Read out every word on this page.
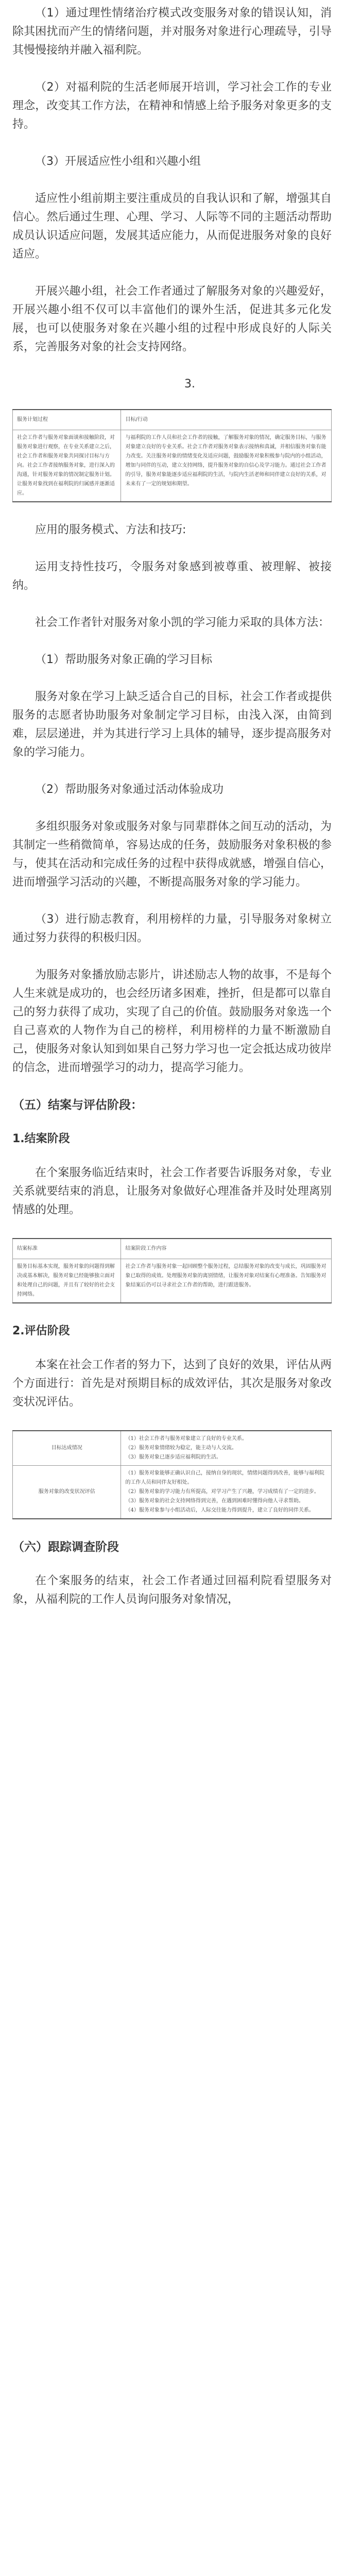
（1）通过理性情绪治疗模式改变服务对象的错误认知，消除其困扰而产生的情绪问题，并对服务对象进行心理疏导，引导其慢慢接纳并融入福利院。

（2）对福利院的生活老师展开培训，学习社会工作的专业理念，改变其工作方法，在精神和情感上给予服务对象更多的支持。

（3）开展适应性小组和兴趣小组

适应性小组前期主要注重成员的自我认识和了解，增强其自信心。然后通过生理、心理、学习、人际等不同的主题活动帮助成员认识适应问题，发展其适应能力，从而促进服务对象的良好适应。

开展兴趣小组，社会工作者通过了解服务对象的兴趣爱好，开展兴趣小组不仅可以丰富他们的课外生活，促进其多元化发展，也可以使服务对象在兴趣小组的过程中形成良好的人际关系，完善服务对象的社会支持网络。

3.

服务计划过程	目标/行动
社会工作者与服务对象面谈和接触阶段，对服务对象进行观察，在专业关系建立之后，社会工作者和服务对象共同探讨目标与方向。社会工作者接纳服务对象，进行深入的沟通，针对服务对象的情况制定服务计划。让服务对象找到在福利院的归属感并逐渐适应。	与福利院的工作人员和社会工作者的接触，了解服务对象的情况，确定服务目标，与服务对象建立良好的专业关系。社会工作者对服务对象表示接纳和真诚，并相信服务对象有能力改变。关注服务对象的情绪变化及适应问题，鼓励服务对象积极参与院内的小组活动，增加与同伴的互动，建立支持网络，提升服务对象的自信心及学习能力。通过社会工作者的引导，服务对象能逐步适应福利院的生活，与院内生活老师和同伴建立良好的关系，对未来有了一定的规划和期望。

应用的服务模式、方法和技巧:

运用支持性技巧，令服务对象感到被尊重、被理解、被接纳。

社会工作者针对服务对象小凯的学习能力采取的具体方法：

（1）帮助服务对象正确的学习目标

服务对象在学习上缺乏适合自己的目标，社会工作者或提供服务的志愿者协助服务对象制定学习目标，由浅入深，由简到难，层层递进，并为其进行学习上具体的辅导，逐步提高服务对象的学习能力。

（2）帮助服务对象通过活动体验成功

多组织服务对象或服务对象与同辈群体之间互动的活动，为其制定一些稍微简单，容易达成的任务，鼓励服务对象积极的参与，使其在活动和完成任务的过程中获得成就感，增强自信心，进而增强学习活动的兴趣，不断提高服务对象的学习能力。

（3）进行励志教育，利用榜样的力量，引导服务对象树立通过努力获得的积极归因。

为服务对象播放励志影片，讲述励志人物的故事，不是每个人生来就是成功的，也会经历诸多困难，挫折，但是都可以靠自己的努力获得了成功，实现了自己的价值。鼓励服务对象选一个自己喜欢的人物作为自己的榜样，利用榜样的力量不断激励自己，使服务对象认知到如果自己努力学习也一定会抵达成功彼岸的信念，进而增强学习的动力，提高学习能力。

（五）结案与评估阶段：
1.结案阶段

在个案服务临近结束时，社会工作者要告诉服务对象，专业关系就要结束的消息，让服务对象做好心理准备并及时处理离别情感的处理。

结案标准	结案阶段工作内容
服务目标基本实现，服务对象的问题得到解决或基本解决，服务对象已经能够独立面对和处理自己的问题，并且有了较好的社会支持网络。	社会工作者与服务对象一起回顾整个服务过程，总结服务对象的改变与成长，巩固服务对象已取得的成效。处理服务对象的离别情绪，让服务对象对结案有心理准备。告知服务对象结案后仍可以寻求社会工作者的帮助，进行跟进服务。
2.评估阶段

本案在社会工作者的努力下，达到了良好的效果，评估从两个方面进行：首先是对预期目标的成效评估，其次是服务对象改变状况评估。

目标达成情况	（1）社会工作者与服务对象建立了良好的专业关系。
（2）服务对象情绪较为稳定，能主动与人交流。
（3）服务对象已逐步适应福利院的生活。
服务对象的改变状况评估	（1）服务对象能够正确认识自己，接纳自身的现状，情绪问题得到改善，能够与福利院的工作人员和同伴友好相处。
（2）服务对象的学习能力有所提高，对学习产生了兴趣，学习成绩有了一定的进步。
（3）服务对象的社会支持网络得到完善，在遇到困难时懂得向他人寻求帮助。
（4）服务对象参与小组活动后，人际交往能力得到提升，建立了良好的同伴关系。
（六）跟踪调查阶段

在个案服务的结束，社会工作者通过回福利院看望服务对象，从福利院的工作人员询问服务对象情况，
